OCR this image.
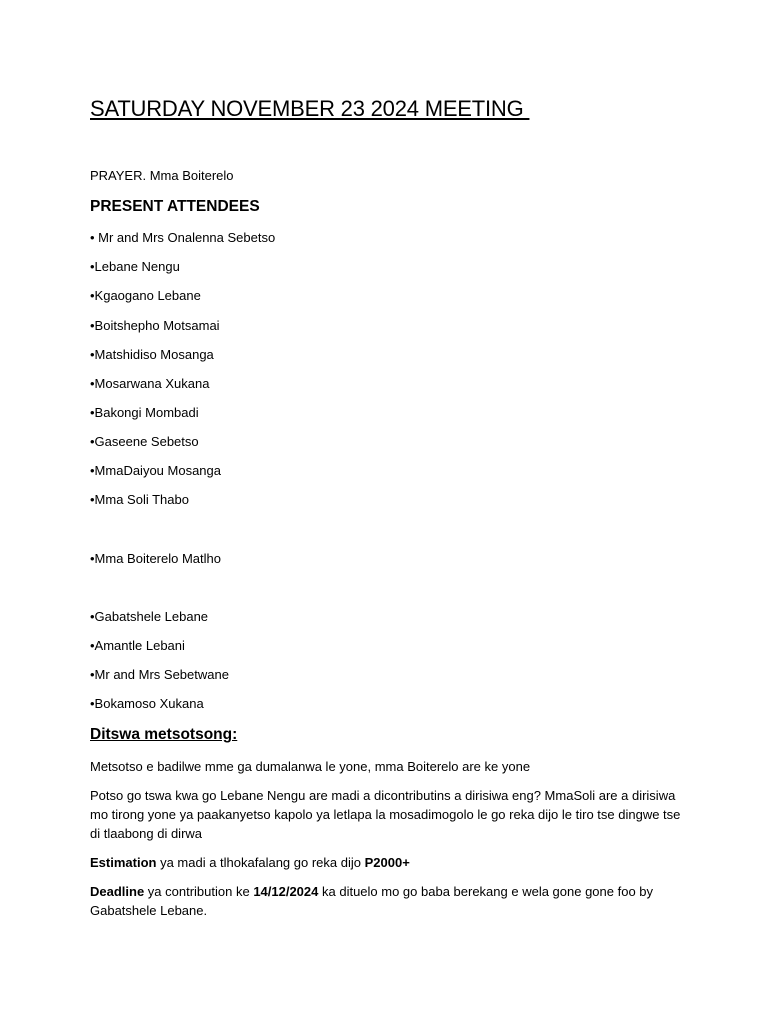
SATURDAY NOVEMBER 23 2024 MEETING
PRAYER. Mma Boiterelo
PRESENT ATTENDEES
• Mr and Mrs Onalenna Sebetso
•Lebane Nengu
•Kgaogano Lebane
•Boitshepho Motsamai
•Matshidiso Mosanga
•Mosarwana Xukana
•Bakongi Mombadi
•Gaseene Sebetso
•MmaDaiyou Mosanga
•Mma Soli Thabo
•Mma Boiterelo Matlho
•Gabatshele Lebane
•Amantle Lebani
•Mr and Mrs Sebetwane
•Bokamoso Xukana
Ditswa metsotsong:
Metsotso e badilwe mme ga dumalanwa le yone, mma Boiterelo are ke yone
Potso go tswa kwa go Lebane Nengu are madi a dicontributins a dirisiwa eng? MmaSoli are a dirisiwa mo tirong yone ya paakanyetso kapolo ya letlapa la mosadimogolo le go reka dijo le tiro tse dingwe tse di tlaabong di dirwa
Estimation ya madi a tlhokafalang go reka dijo P2000+
Deadline ya contribution ke 14/12/2024 ka dituelo mo go baba berekang e wela gone gone foo by Gabatshele Lebane.
